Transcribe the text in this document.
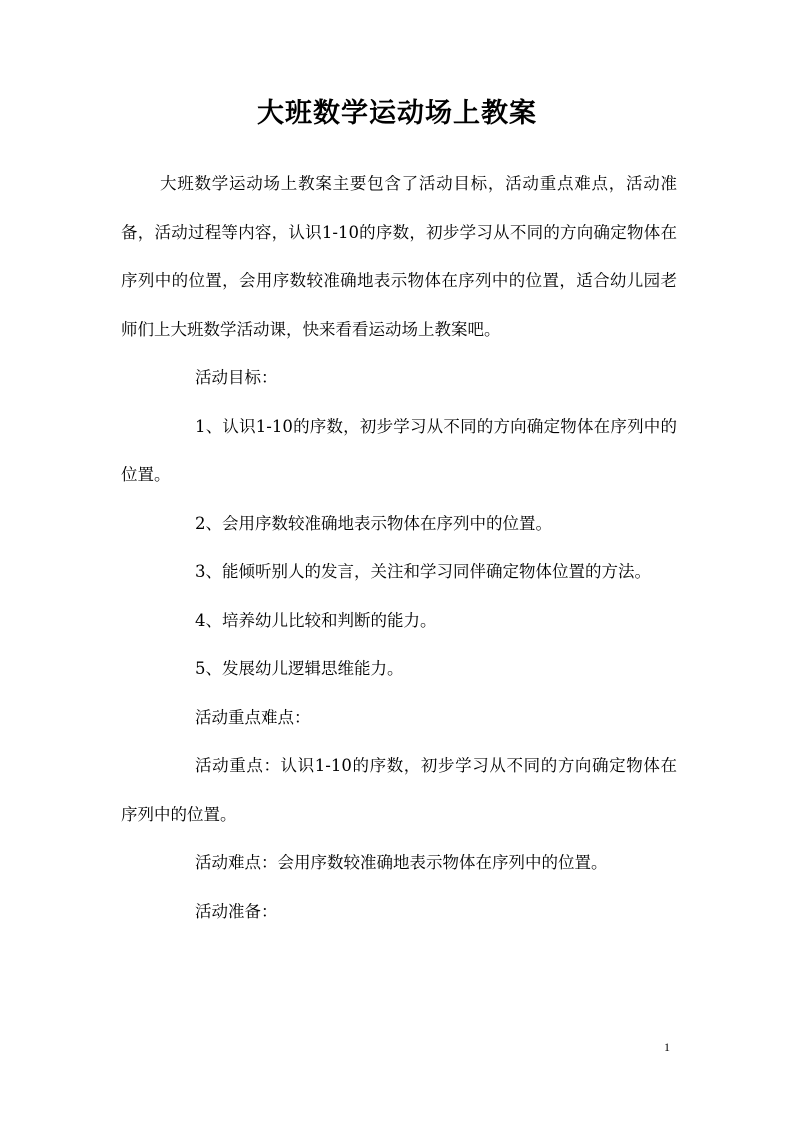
大班数学运动场上教案

大班数学运动场上教案主要包含了活动目标，活动重点难点，活动准备，活动过程等内容，认识1-10的序数，初步学习从不同的方向确定物体在序列中的位置，会用序数较准确地表示物体在序列中的位置，适合幼儿园老师们上大班数学活动课，快来看看运动场上教案吧。

活动目标：

1、认识1-10的序数，初步学习从不同的方向确定物体在序列中的位置。

2、会用序数较准确地表示物体在序列中的位置。

3、能倾听别人的发言，关注和学习同伴确定物体位置的方法。

4、培养幼儿比较和判断的能力。

5、发展幼儿逻辑思维能力。

活动重点难点：

活动重点：认识1-10的序数，初步学习从不同的方向确定物体在序列中的位置。

活动难点：会用序数较准确地表示物体在序列中的位置。

活动准备：

1
